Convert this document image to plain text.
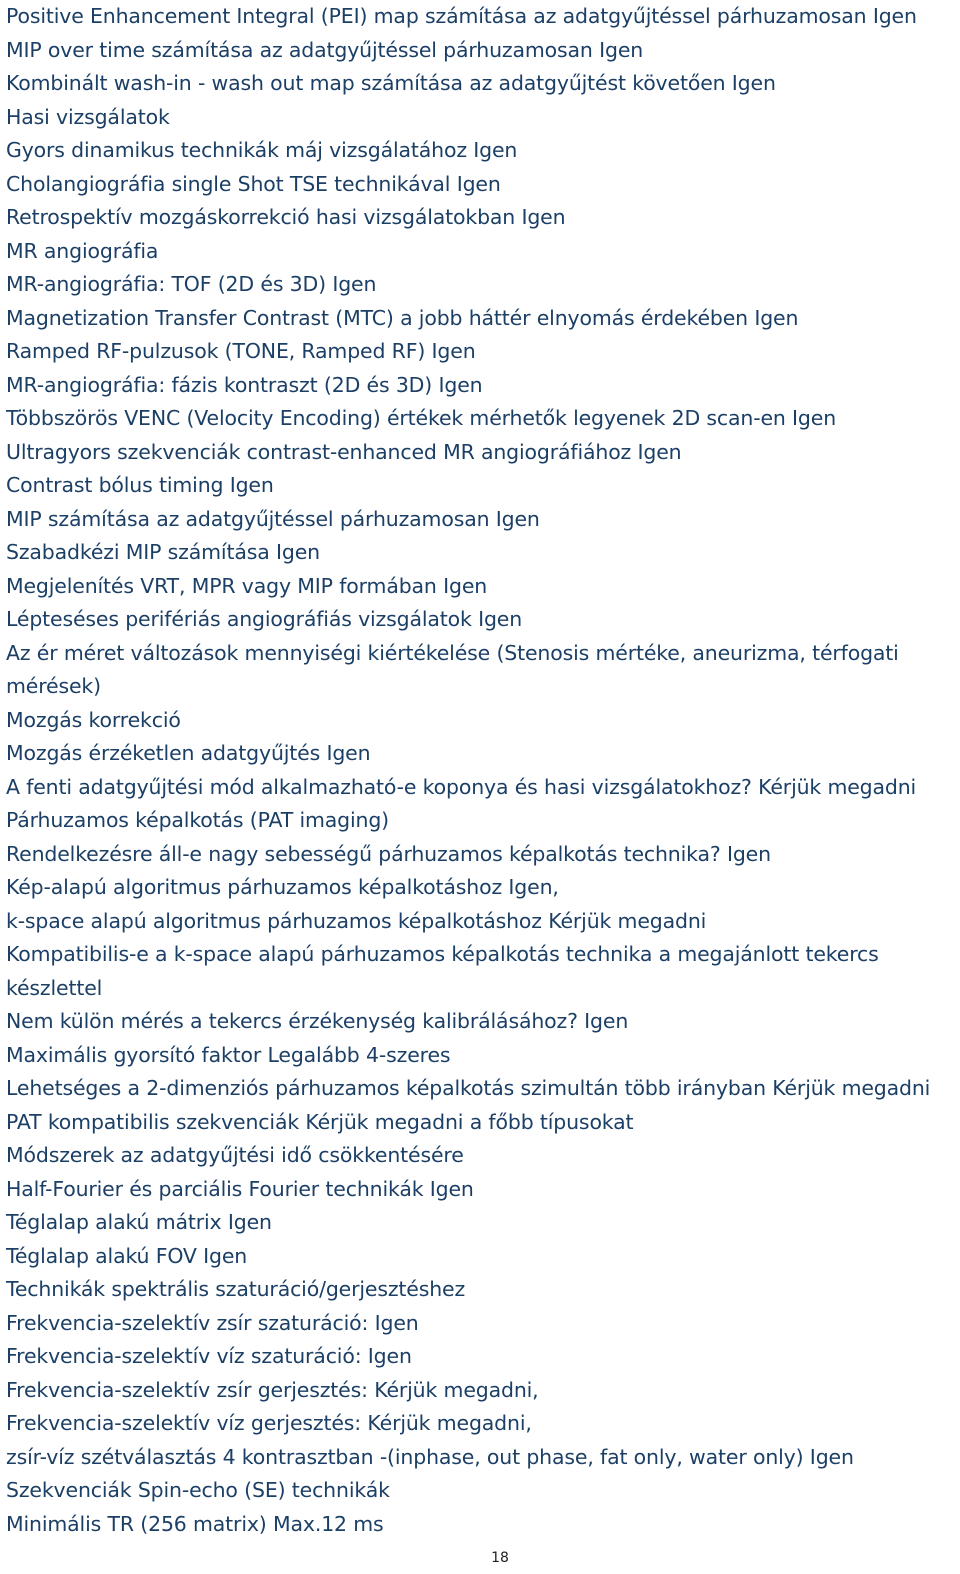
Positive Enhancement Integral (PEI) map számítása az adatgyűjtéssel párhuzamosan Igen
MIP over time számítása az adatgyűjtéssel párhuzamosan Igen
Kombinált wash-in - wash out map számítása az adatgyűjtést követően Igen
Hasi vizsgálatok
Gyors dinamikus technikák máj vizsgálatához Igen
Cholangiográfia single Shot TSE technikával Igen
Retrospektív mozgáskorrekció hasi vizsgálatokban Igen
MR angiográfia
MR-angiográfia: TOF (2D és 3D) Igen
Magnetization Transfer Contrast (MTC) a jobb háttér elnyomás érdekében Igen
Ramped RF-pulzusok (TONE, Ramped RF) Igen
MR-angiográfia: fázis kontraszt (2D és 3D) Igen
Többszörös VENC (Velocity Encoding) értékek mérhetők legyenek 2D scan-en Igen
Ultragyors szekvenciák contrast-enhanced MR angiográfiához Igen
Contrast bólus timing Igen
MIP számítása az adatgyűjtéssel párhuzamosan Igen
Szabadkézi MIP számítása Igen
Megjelenítés VRT, MPR vagy MIP formában Igen
Lépteséses perifériás angiográfiás vizsgálatok Igen
Az ér méret változások mennyiségi kiértékelése (Stenosis mértéke, aneurizma, térfogati
mérések)
Mozgás korrekció
Mozgás érzéketlen adatgyűjtés Igen
A fenti adatgyűjtési mód alkalmazható-e koponya és hasi vizsgálatokhoz? Kérjük megadni
Párhuzamos képalkotás (PAT imaging)
Rendelkezésre áll-e nagy sebességű párhuzamos képalkotás technika? Igen
Kép-alapú algoritmus párhuzamos képalkotáshoz Igen,
k-space alapú algoritmus párhuzamos képalkotáshoz Kérjük megadni
Kompatibilis-e a k-space alapú párhuzamos képalkotás technika a megajánlott tekercs
készlettel
Nem külön mérés a tekercs érzékenység kalibrálásához? Igen
Maximális gyorsító faktor Legalább 4-szeres
Lehetséges a 2-dimenziós párhuzamos képalkotás szimultán több irányban Kérjük megadni
PAT kompatibilis szekvenciák Kérjük megadni a főbb típusokat
Módszerek az adatgyűjtési idő csökkentésére
Half-Fourier és parciális Fourier technikák Igen
Téglalap alakú mátrix Igen
Téglalap alakú FOV Igen
Technikák spektrális szaturáció/gerjesztéshez
Frekvencia-szelektív zsír szaturáció: Igen
Frekvencia-szelektív víz szaturáció: Igen
Frekvencia-szelektív zsír gerjesztés: Kérjük megadni,
Frekvencia-szelektív víz gerjesztés: Kérjük megadni,
zsír-víz szétválasztás 4 kontrasztban -(inphase, out phase, fat only, water only) Igen
Szekvenciák Spin-echo (SE) technikák
Minimális TR (256 matrix) Max.12 ms
18
